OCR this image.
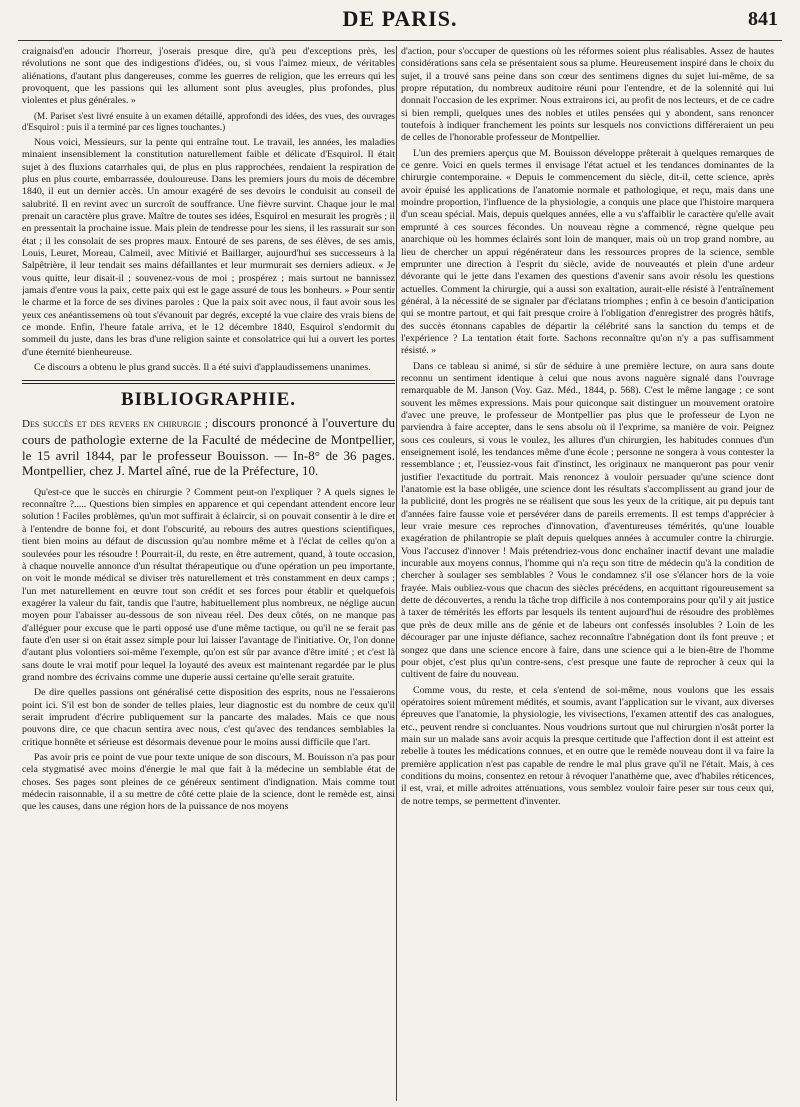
DE PARIS.	841

craignaisd'en adoucir l'horreur, j'oserais presque dire, qu'à peu d'exceptions près, les révolutions ne sont que des indigestions d'idées, ou, si vous l'aimez mieux, de véritables aliénations, d'autant plus dangereuses, comme les guerres de religion, que les erreurs qui les provoquent, que les passions qui les allument sont plus aveugles, plus profondes, plus violentes et plus générales. »

(M. Pariset s'est livré ensuite à un examen détaillé, approfondi des idées, des vues, des ouvrages d'Esquirol : puis il a terminé par ces lignes touchantes.)

Nous voici, Messieurs, sur la pente qui entraîne tout. Le travail, les années, les maladies minaient insensiblement la constitution naturellement faible et délicate d'Esquirol. Il était sujet à des fluxions catarrhales qui, de plus en plus rapprochées, rendaient la respiration de plus en plus courte, embarrassée, douloureuse. Dans les premiers jours du mois de décembre 1840, il eut un dernier accès. Un amour exagéré de ses devoirs le conduisit au conseil de salubrité. Il en revint avec un surcroît de souffrance. Une fièvre survint. Chaque jour le mal prenait un caractère plus grave. Maître de toutes ses idées, Esquirol en mesurait les progrès ; il en pressentait la prochaine issue. Mais plein de tendresse pour les siens, il les rassurait sur son état ; il les consolait de ses propres maux. Entouré de ses parens, de ses élèves, de ses amis, Louis, Leuret, Moreau, Calmeil, avec Mitivié et Baillarger, aujourd'hui ses successeurs à la Salpêtrière, il leur tendait ses mains défaillantes et leur murmurait ses derniers adieux. « Je vous quitte, leur disait-il ; souvenez-vous de moi ; prospérez ; mais surtout ne bannissez jamais d'entre vous la paix, cette paix qui est le gage assuré de tous les bonheurs. » Pour sentir le charme et la force de ses divines paroles : Que la paix soit avec nous, il faut avoir sous les yeux ces anéantissemens où tout s'évanouit par degrés, excepté la vue claire des vrais biens de ce monde. Enfin, l'heure fatale arriva, et le 12 décembre 1840, Esquirol s'endormit du sommeil du juste, dans les bras d'une religion sainte et consolatrice qui lui a ouvert les portes d'une éternité bienheureuse.

Ce discours a obtenu le plus grand succès. Il a été suivi d'applaudissemens unanimes.

BIBLIOGRAPHIE.

Des succès et des revers en chirurgie ; discours prononcé à l'ouverture du cours de pathologie externe de la Faculté de médecine de Montpellier, le 15 avril 1844, par le professeur Bouisson. — In-8° de 36 pages. Montpellier, chez J. Martel aîné, rue de la Préfecture, 10.

Qu'est-ce que le succès en chirurgie ? Comment peut-on l'expliquer ? A quels signes le reconnaître ?..... Questions bien simples en apparence et qui cependant attendent encore leur solution ! Faciles problèmes, qu'un mot suffirait à éclaircir, si on pouvait consentir à le dire et à l'entendre de bonne foi, et dont l'obscurité, au rebours des autres questions scientifiques, tient bien moins au défaut de discussion qu'au nombre même et à l'éclat de celles qu'on a soulevées pour les résoudre ! Pourrait-il, du reste, en être autrement, quand, à toute occasion, à chaque nouvelle annonce d'un résultat thérapeutique ou d'une opération un peu importante, on voit le monde médical se diviser très naturellement et très constamment en deux camps ; l'un met naturellement en œuvre tout son crédit et ses forces pour établir et quelquefois exagérer la valeur du fait, tandis que l'autre, habituellement plus nombreux, ne néglige aucun moyen pour l'abaisser au-dessous de son niveau réel. Des deux côtés, on ne manque pas d'alléguer pour excuse que le parti opposé use d'une même tactique, ou qu'il ne se ferait pas faute d'en user si on était assez simple pour lui laisser l'avantage de l'initiative. Or, l'on donne d'autant plus volontiers soi-même l'exemple, qu'on est sûr par avance d'être imité ; et c'est là sans doute le vrai motif pour lequel la loyauté des aveux est maintenant regardée par le plus grand nombre des écrivains comme une duperie aussi certaine qu'elle serait gratuite.

De dire quelles passions ont généralisé cette disposition des esprits, nous ne l'essaierons point ici. S'il est bon de sonder de telles plaies, leur diagnostic est du nombre de ceux qu'il serait imprudent d'écrire publiquement sur la pancarte des malades. Mais ce que nous pouvons dire, ce que chacun sentira avec nous, c'est qu'avec des tendances semblables la critique honnête et sérieuse est désormais devenue pour le moins aussi difficile que l'art.

Pas avoir pris ce point de vue pour texte unique de son discours, M. Bouisson n'a pas pour cela stygmatisé avec moins d'énergie le mal que fait à la médecine un semblable état de choses. Ses pages sont pleines de ce généreux sentiment d'indignation. Mais comme tout médecin raisonnable, il a su mettre de côté cette plaie de la science, dont le remède est, ainsi que les causes, dans une région hors de la puissance de nos moyens

d'action, pour s'occuper de questions où les réformes soient plus réalisables. Assez de hautes considérations sans cela se présentaient sous sa plume. Heureusement inspiré dans le choix du sujet, il a trouvé sans peine dans son cœur des sentimens dignes du sujet lui-même, de sa propre réputation, du nombreux auditoire réuni pour l'entendre, et de la solennité qui lui donnait l'occasion de les exprimer. Nous extrairons ici, au profit de nos lecteurs, et de ce cadre si bien rempli, quelques unes des nobles et utiles pensées qui y abondent, sans renoncer toutefois à indiquer franchement les points sur lesquels nos convictions différeraient un peu de celles de l'honorable professeur de Montpellier.

L'un des premiers aperçus que M. Bouisson développe prêterait à quelques remarques de ce genre. Voici en quels termes il envisage l'état actuel et les tendances dominantes de la chirurgie contemporaine. « Depuis le commencement du siècle, dit-il, cette science, après avoir épuisé les applications de l'anatomie normale et pathologique, et reçu, mais dans une moindre proportion, l'influence de la physiologie, a conquis une place que l'histoire marquera d'un sceau spécial. Mais, depuis quelques années, elle a vu s'affaiblir le caractère qu'elle avait emprunté à ces sources fécondes. Un nouveau règne a commencé, règne quelque peu anarchique où les hommes éclairés sont loin de manquer, mais où un trop grand nombre, au lieu de chercher un appui régénérateur dans les ressources propres de la science, semble emprunter une direction à l'esprit du siècle, avide de nouveautés et plein d'une ardeur dévorante qui le jette dans l'examen des questions d'avenir sans avoir résolu les questions actuelles. Comment la chirurgie, qui a aussi son exaltation, aurait-elle résisté à l'entraînement général, à la nécessité de se signaler par d'éclatans triomphes ; enfin à ce besoin d'anticipation qui se montre partout, et qui fait presque croire à l'obligation d'enregistrer des progrès hâtifs, des succès étonnans capables de départir la célébrité sans la sanction du temps et de l'expérience ? La tentation était forte. Sachons reconnaître qu'on n'y a pas suffisamment résisté. »

Dans ce tableau si animé, si sûr de séduire à une première lecture, on aura sans doute reconnu un sentiment identique à celui que nous avons naguère signalé dans l'ouvrage remarquable de M. Janson (Voy. Gaz. Méd., 1844, p. 568). C'est le même langage ; ce sont souvent les mêmes expressions. Mais pour quiconque sait distinguer un mouvement oratoire d'avec une preuve, le professeur de Montpellier pas plus que le professeur de Lyon ne parviendra à faire accepter, dans le sens absolu où il l'exprime, sa manière de voir. Peignez sous ces couleurs, si vous le voulez, les allures d'un chirurgien, les habitudes connues d'un enseignement isolé, les tendances même d'une école ; personne ne songera à vous contester la ressemblance ; et, l'eussiez-vous fait d'instinct, les originaux ne manqueront pas pour venir justifier l'exactitude du portrait. Mais renoncez à vouloir persuader qu'une science dont l'anatomie est la base obligée, une science dont les résultats s'accomplissent au grand jour de la publicité, dont les progrès ne se réalisent que sous les yeux de la critique, ait pu depuis tant d'années faire fausse voie et persévérer dans de pareils errements. Il est temps d'apprécier à leur vraie mesure ces reproches d'innovation, d'aventureuses témérités, qu'une louable exagération de philantropie se plaît depuis quelques années à accumuler contre la chirurgie. Vous l'accusez d'innover ! Mais prétendriez-vous donc enchaîner inactif devant une maladie incurable aux moyens connus, l'homme qui n'a reçu son titre de médecin qu'à la condition de chercher à soulager ses semblables ? Vous le condamnez s'il ose s'élancer hors de la voie frayée. Mais oubliez-vous que chacun des siècles précédens, en acquittant rigoureusement sa dette de découvertes, a rendu la tâche trop difficile à nos contemporains pour qu'il y ait justice à taxer de témérités les efforts par lesquels ils tentent aujourd'hui de résoudre des problèmes que près de deux mille ans de génie et de labeurs ont confessés insolubles ? Loin de les décourager par une injuste défiance, sachez reconnaître l'abnégation dont ils font preuve ; et songez que dans une science encore à faire, dans une science qui a le bien-être de l'homme pour objet, c'est plus qu'un contre-sens, c'est presque une faute de reprocher à ceux qui la cultivent de faire du nouveau.

Comme vous, du reste, et cela s'entend de soi-même, nous voulons que les essais opératoires soient mûrement médités, et soumis, avant l'application sur le vivant, aux diverses épreuves que l'anatomie, la physiologie, les vivisections, l'examen attentif des cas analogues, etc., peuvent rendre si concluantes. Nous voudrions surtout que nul chirurgien n'osât porter la main sur un malade sans avoir acquis la presque certitude que l'affection dont il est atteint est rebelle à toutes les médications connues, et en outre que le remède nouveau dont il va faire la première application n'est pas capable de rendre le mal plus grave qu'il ne l'était. Mais, à ces conditions du moins, consentez en retour à révoquer l'anathème que, avec d'habiles réticences, il est, vrai, et mille adroites atténuations, vous semblez vouloir faire peser sur tous ceux qui, de notre temps, se permettent d'inventer.
